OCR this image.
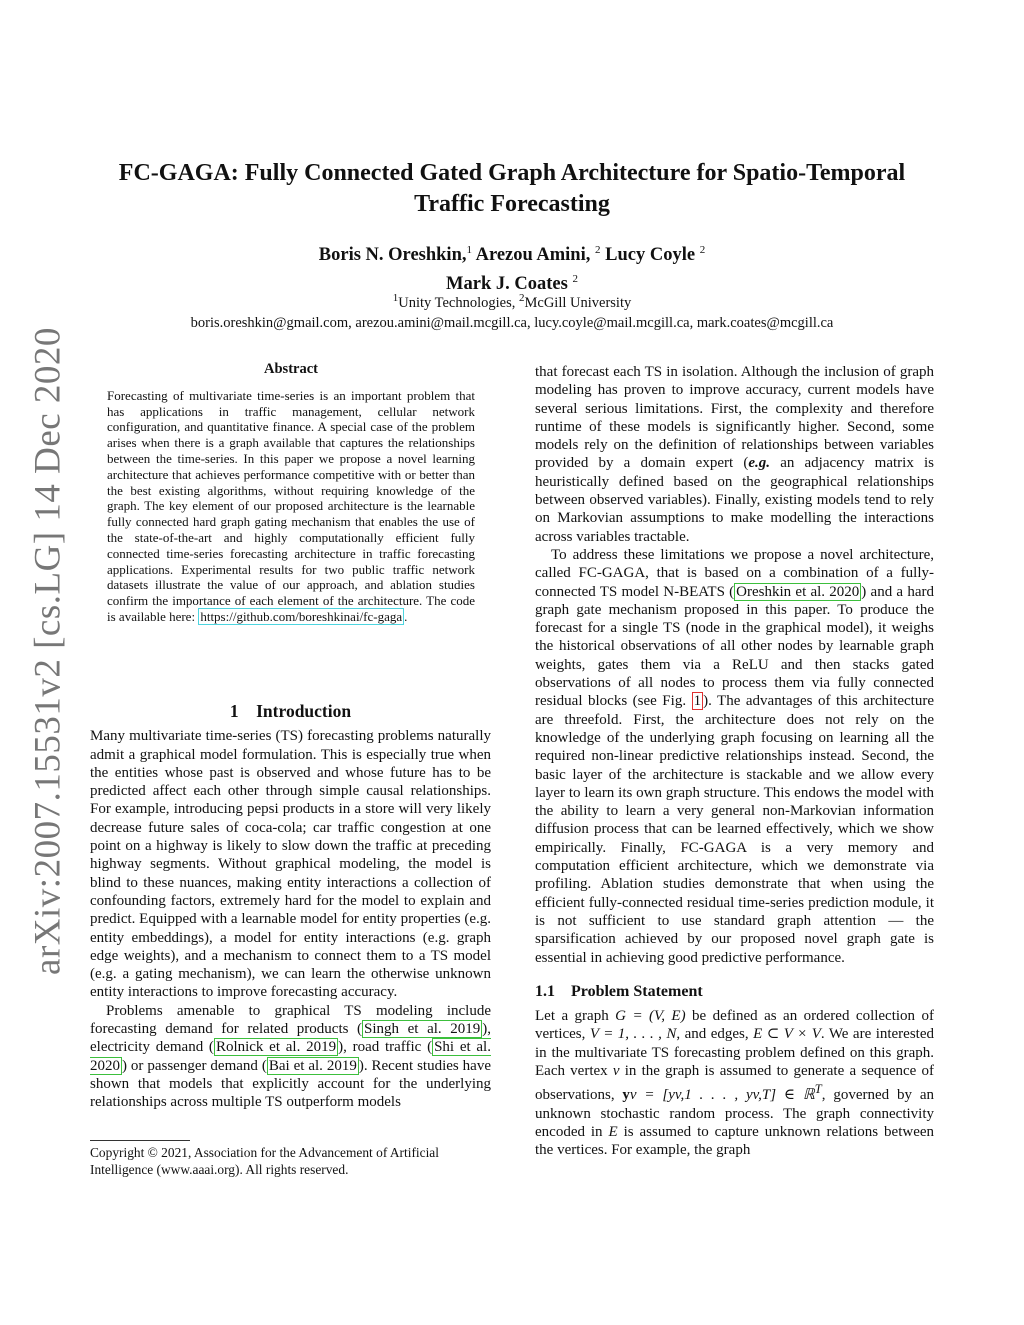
arXiv:2007.15531v2 [cs.LG] 14 Dec 2020
FC-GAGA: Fully Connected Gated Graph Architecture for Spatio-Temporal Traffic Forecasting
Boris N. Oreshkin,$^1$ Arezou Amini, $^2$ Lucy Coyle $^2$
Mark J. Coates $^2$
$^1$Unity Technologies, $^2$McGill University
boris.oreshkin@gmail.com, arezou.amini@mail.mcgill.ca, lucy.coyle@mail.mcgill.ca, mark.coates@mcgill.ca
Abstract

Forecasting of multivariate time-series is an important problem that has applications in traffic management, cellular network configuration, and quantitative finance. A special case of the problem arises when there is a graph available that captures the relationships between the time-series. In this paper we propose a novel learning architecture that achieves performance competitive with or better than the best existing algorithms, without requiring knowledge of the graph. The key element of our proposed architecture is the learnable fully connected hard graph gating mechanism that enables the use of the state-of-the-art and highly computationally efficient fully connected time-series forecasting architecture in traffic forecasting applications. Experimental results for two public traffic network datasets illustrate the value of our approach, and ablation studies confirm the importance of each element of the architecture. The code is available here: https://github.com/boreshkinai/fc-gaga .

1    Introduction

Many multivariate time-series (TS) forecasting problems naturally admit a graphical model formulation. This is especially true when the entities whose past is observed and whose future has to be predicted affect each other through simple causal relationships. For example, introducing pepsi products in a store will very likely decrease future sales of coca-cola; car traffic congestion at one point on a highway is likely to slow down the traffic at preceding highway segments. Without graphical modeling, the model is blind to these nuances, making entity interactions a collection of confounding factors, extremely hard for the model to explain and predict. Equipped with a learnable model for entity properties (e.g. entity embeddings), a model for entity interactions (e.g. graph edge weights), and a mechanism to connect them to a TS model (e.g. a gating mechanism), we can learn the otherwise unknown entity interactions to improve forecasting accuracy.

Problems amenable to graphical TS modeling include forecasting demand for related products ( Singh et al. 2019 ), electricity demand ( Rolnick et al. 2019 ), road traffic ( Shi et al. 2020 ) or passenger demand ( Bai et al. 2019 ). Recent studies have shown that models that explicitly account for the underlying relationships across multiple TS outperform models

Copyright © 2021, Association for the Advancement of Artificial Intelligence (www.aaai.org). All rights reserved.

that forecast each TS in isolation. Although the inclusion of graph modeling has proven to improve accuracy, current models have several serious limitations. First, the complexity and therefore runtime of these models is significantly higher. Second, some models rely on the definition of relationships between variables provided by a domain expert (e.g. an adjacency matrix is heuristically defined based on the geographical relationships between observed variables). Finally, existing models tend to rely on Markovian assumptions to make modelling the interactions across variables tractable.

To address these limitations we propose a novel architecture, called FC-GAGA, that is based on a combination of a fully-connected TS model N-BEATS ( Oreshkin et al. 2020 ) and a hard graph gate mechanism proposed in this paper. To produce the forecast for a single TS (node in the graphical model), it weighs the historical observations of all other nodes by learnable graph weights, gates them via a ReLU and then stacks gated observations of all nodes to process them via fully connected residual blocks (see Fig. 1 ). The advantages of this architecture are threefold. First, the architecture does not rely on the knowledge of the underlying graph focusing on learning all the required non-linear predictive relationships instead. Second, the basic layer of the architecture is stackable and we allow every layer to learn its own graph structure. This endows the model with the ability to learn a very general non-Markovian information diffusion process that can be learned effectively, which we show empirically. Finally, FC-GAGA is a very memory and computation efficient architecture, which we demonstrate via profiling. Ablation studies demonstrate that when using the efficient fully-connected residual time-series prediction module, it is not sufficient to use standard graph attention — the sparsification achieved by our proposed novel graph gate is essential in achieving good predictive performance.

1.1    Problem Statement

Let a graph G = (V, E) be defined as an ordered collection of vertices, V = 1, . . . , N, and edges, E ⊂ V × V. We are interested in the multivariate TS forecasting problem defined on this graph. Each vertex v in the graph is assumed to generate a sequence of observations, yv = [yv,1 . . . , yv,T] ∈ ℝ$^T$, governed by an unknown stochastic random process. The graph connectivity encoded in E is assumed to capture unknown relations between the vertices. For example, the graph
